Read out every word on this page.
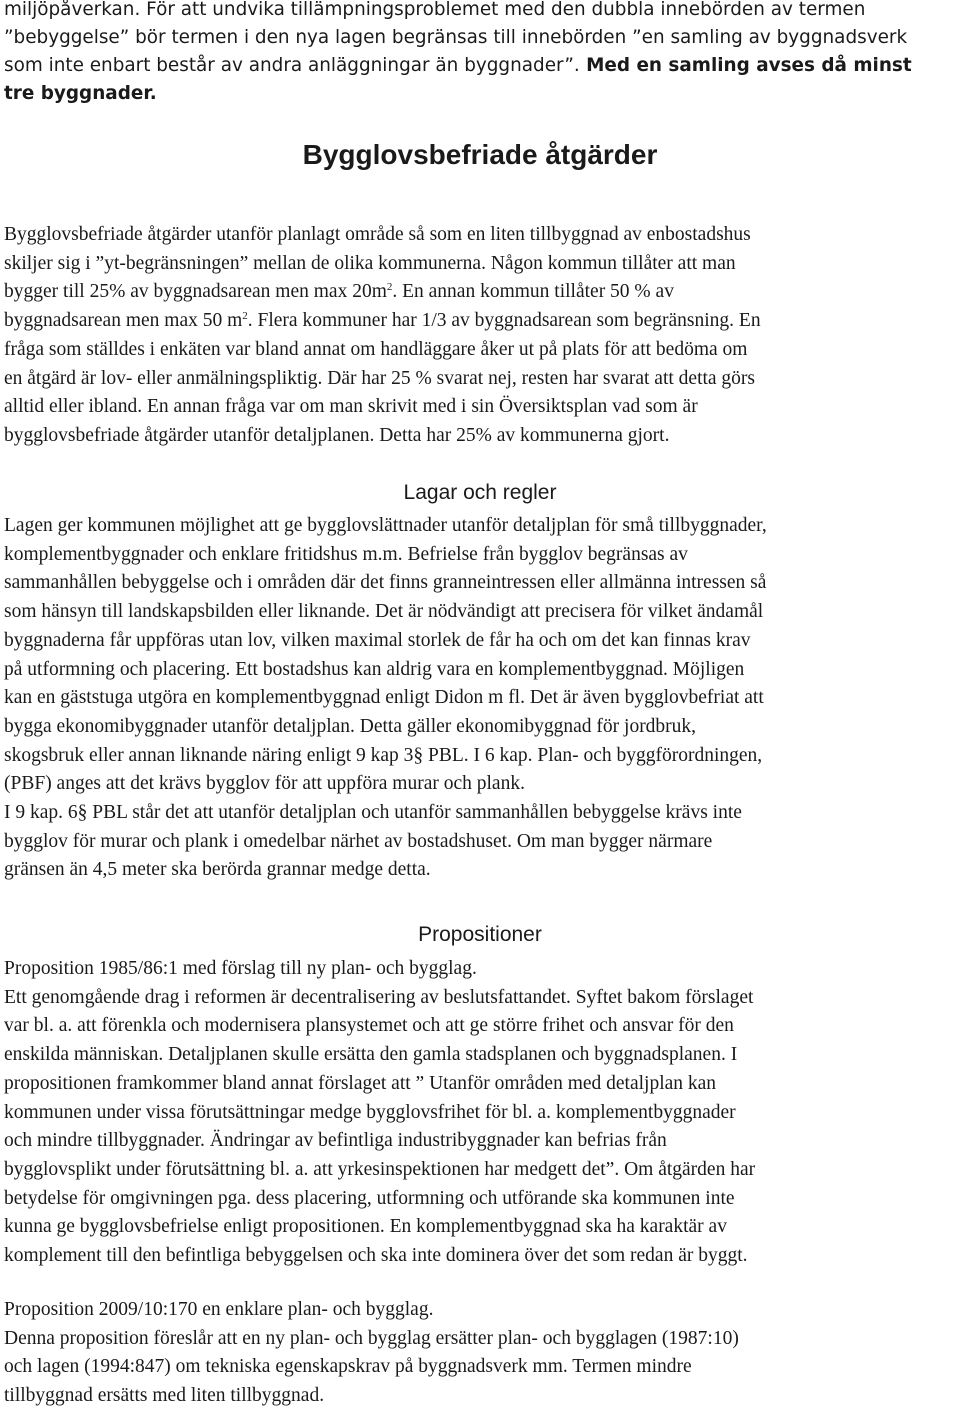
miljöpåverkan. För att undvika tillämpningsproblemet med den dubbla innebörden av termen
”bebyggelse” bör termen i den nya lagen begränsas till innebörden ”en samling av byggnadsverk
som inte enbart består av andra anläggningar än byggnader”. Med en samling avses då minst
tre byggnader.
Bygglovsbefriade åtgärder
Bygglovsbefriade åtgärder utanför planlagt område så som en liten tillbyggnad av enbostadshus
skiljer sig i ”yt-begränsningen” mellan de olika kommunerna. Någon kommun tillåter att man
bygger till 25% av byggnadsarean men $\max 20m^2$. En annan kommun tillåter 50 % av
byggnadsarean men max 50 $m^2$. Flera kommuner har 1/3 av byggnadsarean som begränsning. En
fråga som ställdes i enkäten var bland annat om handläggare åker ut på plats för att bedöma om
en åtgärd är lov- eller anmälningspliktig. Där har 25 % svarat nej, resten har svarat att detta görs
alltid eller ibland. En annan fråga var om man skrivit med i sin Översiktsplan vad som är
bygglovsbefriade åtgärder utanför detaljplanen. Detta har 25% av kommunerna gjort.
Lagar och regler
Lagen ger kommunen möjlighet att ge bygglovslättnader utanför detaljplan för små tillbyggnader,
komplementbyggnader och enklare fritidshus m.m. Befrielse från bygglov begränsas av
sammanhållen bebyggelse och i områden där det finns granneintressen eller allmänna intressen så
som hänsyn till landskapsbilden eller liknande. Det är nödvändigt att precisera för vilket ändamål
byggnaderna får uppföras utan lov, vilken maximal storlek de får ha och om det kan finnas krav
på utformning och placering. Ett bostadshus kan aldrig vara en komplementbyggnad. Möjligen
kan en gäststuga utgöra en komplementbyggnad enligt Didon m fl. Det är även bygglovbefriat att
bygga ekonomibyggnader utanför detaljplan. Detta gäller ekonomibyggnad för jordbruk,
skogsbruk eller annan liknande näring enligt 9 kap 3§ PBL. I 6 kap. Plan- och byggförordningen,
(PBF) anges att det krävs bygglov för att uppföra murar och plank.
I 9 kap. 6§ PBL står det att utanför detaljplan och utanför sammanhållen bebyggelse krävs inte
bygglov för murar och plank i omedelbar närhet av bostadshuset. Om man bygger närmare
gränsen än 4,5 meter ska berörda grannar medge detta.
Propositioner
Proposition 1985/86:1 med förslag till ny plan- och bygglag.
Ett genomgående drag i reformen är decentralisering av beslutsfattandet. Syftet bakom förslaget
var bl. a. att förenkla och modernisera plansystemet och att ge större frihet och ansvar för den
enskilda människan. Detaljplanen skulle ersätta den gamla stadsplanen och byggnadsplanen. I
propositionen framkommer bland annat förslaget att ” Utanför områden med detaljplan kan
kommunen under vissa förutsättningar medge bygglovsfrihet för bl. a. komplementbyggnader
och mindre tillbyggnader. Ändringar av befintliga industribyggnader kan befrias från
bygglovsplikt under förutsättning bl. a. att yrkesinspektionen har medgett det”. Om åtgärden har
betydelse för omgivningen pga. dess placering, utformning och utförande ska kommunen inte
kunna ge bygglovsbefrielse enligt propositionen. En komplementbyggnad ska ha karaktär av
komplement till den befintliga bebyggelsen och ska inte dominera över det som redan är byggt.
Proposition 2009/10:170 en enklare plan- och bygglag.
Denna proposition föreslår att en ny plan- och bygglag ersätter plan- och bygglagen (1987:10)
och lagen (1994:847) om tekniska egenskapskrav på byggnadsverk mm. Termen mindre
tillbyggnad ersätts med liten tillbyggnad.
